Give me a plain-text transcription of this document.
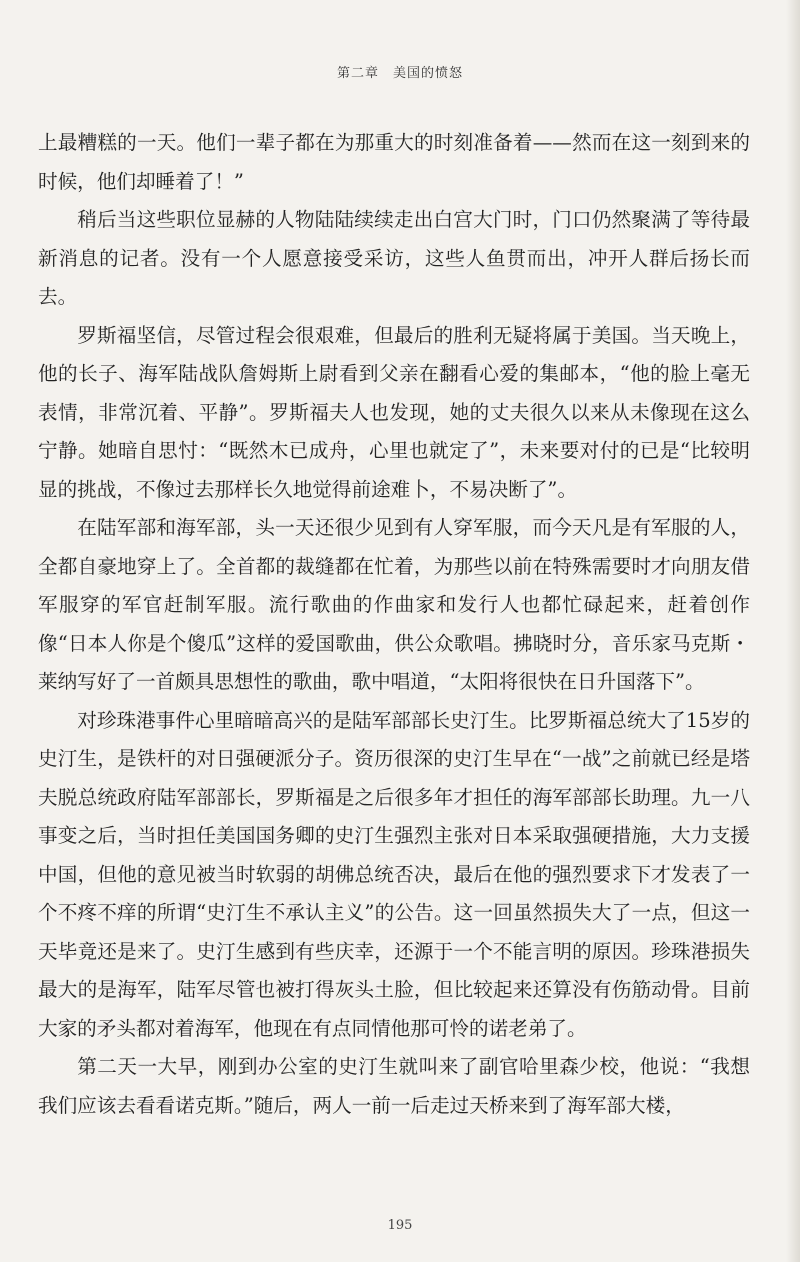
第二章 美国的愤怒

上最糟糕的一天。他们一辈子都在为那重大的时刻准备着——然而在这一刻到来的时候，他们却睡着了！”

稍后当这些职位显赫的人物陆陆续续走出白宫大门时，门口仍然聚满了等待最新消息的记者。没有一个人愿意接受采访，这些人鱼贯而出，冲开人群后扬长而去。

罗斯福坚信，尽管过程会很艰难，但最后的胜利无疑将属于美国。当天晚上，他的长子、海军陆战队詹姆斯上尉看到父亲在翻看心爱的集邮本，“他的脸上毫无表情，非常沉着、平静”。罗斯福夫人也发现，她的丈夫很久以来从未像现在这么宁静。她暗自思忖：“既然木已成舟，心里也就定了”，未来要对付的已是“比较明显的挑战，不像过去那样长久地觉得前途难卜，不易决断了”。

在陆军部和海军部，头一天还很少见到有人穿军服，而今天凡是有军服的人，全都自豪地穿上了。全首都的裁缝都在忙着，为那些以前在特殊需要时才向朋友借军服穿的军官赶制军服。流行歌曲的作曲家和发行人也都忙碌起来，赶着创作像“日本人你是个傻瓜”这样的爱国歌曲，供公众歌唱。拂晓时分，音乐家马克斯・莱纳写好了一首颇具思想性的歌曲，歌中唱道，“太阳将很快在日升国落下”。

对珍珠港事件心里暗暗高兴的是陆军部部长史汀生。比罗斯福总统大了15岁的史汀生，是铁杆的对日强硬派分子。资历很深的史汀生早在“一战”之前就已经是塔夫脱总统政府陆军部部长，罗斯福是之后很多年才担任的海军部部长助理。九一八事变之后，当时担任美国国务卿的史汀生强烈主张对日本采取强硬措施，大力支援中国，但他的意见被当时软弱的胡佛总统否决，最后在他的强烈要求下才发表了一个不疼不痒的所谓“史汀生不承认主义”的公告。这一回虽然损失大了一点，但这一天毕竟还是来了。史汀生感到有些庆幸，还源于一个不能言明的原因。珍珠港损失最大的是海军，陆军尽管也被打得灰头土脸，但比较起来还算没有伤筋动骨。目前大家的矛头都对着海军，他现在有点同情他那可怜的诺老弟了。

第二天一大早，刚到办公室的史汀生就叫来了副官哈里森少校，他说：“我想我们应该去看看诺克斯。”随后，两人一前一后走过天桥来到了海军部大楼，

195
